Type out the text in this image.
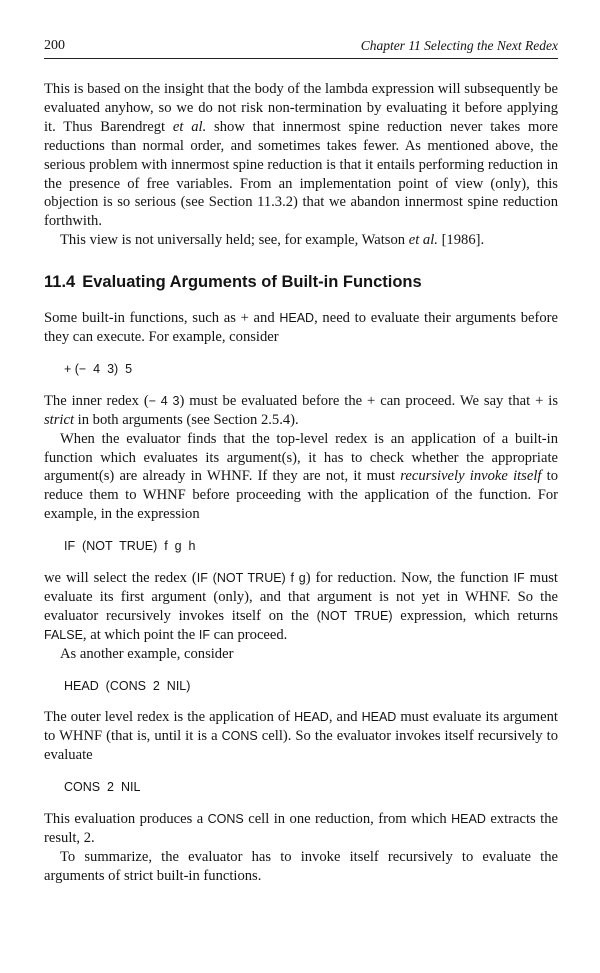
200	Chapter 11 Selecting the Next Redex

This is based on the insight that the body of the lambda expression will subsequently be evaluated anyhow, so we do not risk non-termination by evaluating it before applying it. Thus Barendregt et al. show that innermost spine reduction never takes more reductions than normal order, and sometimes takes fewer. As mentioned above, the serious problem with innermost spine reduction is that it entails performing reduction in the presence of free variables. From an implementation point of view (only), this objection is so serious (see Section 11.3.2) that we abandon innermost spine reduction forthwith.

This view is not universally held; see, for example, Watson et al. [1986].

11.4 Evaluating Arguments of Built-in Functions

Some built-in functions, such as + and HEAD, need to evaluate their arguments before they can execute. For example, consider

+ (−  4  3)  5

The inner redex (− 4 3) must be evaluated before the + can proceed. We say that + is strict in both arguments (see Section 2.5.4).

When the evaluator finds that the top-level redex is an application of a built-in function which evaluates its argument(s), it has to check whether the appropriate argument(s) are already in WHNF. If they are not, it must recursively invoke itself to reduce them to WHNF before proceeding with the application of the function. For example, in the expression

IF  (NOT  TRUE)  f  g  h

we will select the redex (IF (NOT TRUE) f g) for reduction. Now, the function IF must evaluate its first argument (only), and that argument is not yet in WHNF. So the evaluator recursively invokes itself on the (NOT TRUE) expression, which returns FALSE, at which point the IF can proceed.

As another example, consider

HEAD  (CONS  2  NIL)

The outer level redex is the application of HEAD, and HEAD must evaluate its argument to WHNF (that is, until it is a CONS cell). So the evaluator invokes itself recursively to evaluate

CONS  2  NIL

This evaluation produces a CONS cell in one reduction, from which HEAD extracts the result, 2.

To summarize, the evaluator has to invoke itself recursively to evaluate the arguments of strict built-in functions.
